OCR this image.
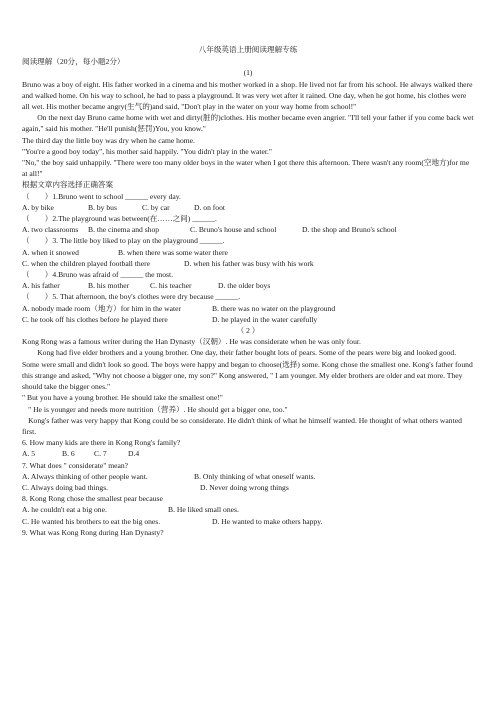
八年级英语上册阅读理解专练

阅读理解（20分，每小题2分）

(1)

Bruno was a boy of eight. His father worked in a cinema and his mother worked in a shop. He lived not far from his school. He always walked there and walked home. On his way to school, he had to pass a playground. It was very wet after it rained. One day, when he got home, his clothes were all wet. His mother became angry(生气的)and said, "Don't play in the water on your way home from school!"

On the next day Bruno came home with wet and dirty(脏的)clothes. His mother became even angrier. "I'll tell your father if you come back wet again," said his mother. "He'll punish(惩罚)You, you know."

The third day the little boy was dry when he came home.

"You're a good boy today", his mother said happily. "You didn't play in the water."

"No," the boy said unhappily. "There were too many older boys in the water when I got there this afternoon. There wasn't any room(空地方)for me at all!"

根据文章内容选择正确答案

（　　）1.Bruno went to school ______ every day.

A. by bike	B. by bus	C. by car	D. on foot

（　　）2.The playground was between(在……之间) ______.

A. two classrooms	B. the cinema and shop	C. Bruno's house and school	D. the shop and Bruno's school

（　　）3. The little boy liked to play on the playground ______.

A. when it snowed	B. when there was some water there
C. when the children played football there	D. when his father was busy with his work

（　　）4.Bruno was afraid of ______ the most.

A. his father	B. his mother	C. his teacher	D. the older boys

（　　）5. That afternoon, the boy's clothes were dry because ______.

A. nobody made room（地方）for him in the water	B. there was no water on the playground
C. he took off his clothes before he played there	D. he played in the water carefully

（ 2 ）

Kong Rong was a famous writer during the Han Dynasty（汉朝）. He was considerate when he was only four.

Kong had five elder brothers and a young brother. One day, their father bought lots of pears. Some of the pears were big and looked good. Some were small and didn't look so good. The boys were happy and began to choose(选择) some. Kong chose the smallest one. Kong's father found this strange and asked, "Why not choose a bigger one, my son?" Kong answered, " I am younger. My elder brothers are older and eat more. They should take the bigger ones."

" But you have a young brother. He should take the smallest one!"

" He is younger and needs more nutrition（营养）. He should get a bigger one, too."

Kong's father was very happy that Kong could be so considerate. He didn't think of what he himself wanted. He thought of what others wanted first.

6. How many kids are there in Kong Rong's family?

A. 5	B. 6	C. 7	D.4

7. What does " considerate" mean?

A. Always thinking of other people want.	B. Only thinking of what oneself wants.
C. Always doing bad things.	D. Never doing wrong things

8. Kong Rong chose the smallest pear because

A. he couldn't eat a big one.	B. He liked small ones.
C. He wanted his brothers to eat the big ones.	D. He wanted to make others happy.

9. What was Kong Rong during Han Dynasty?
